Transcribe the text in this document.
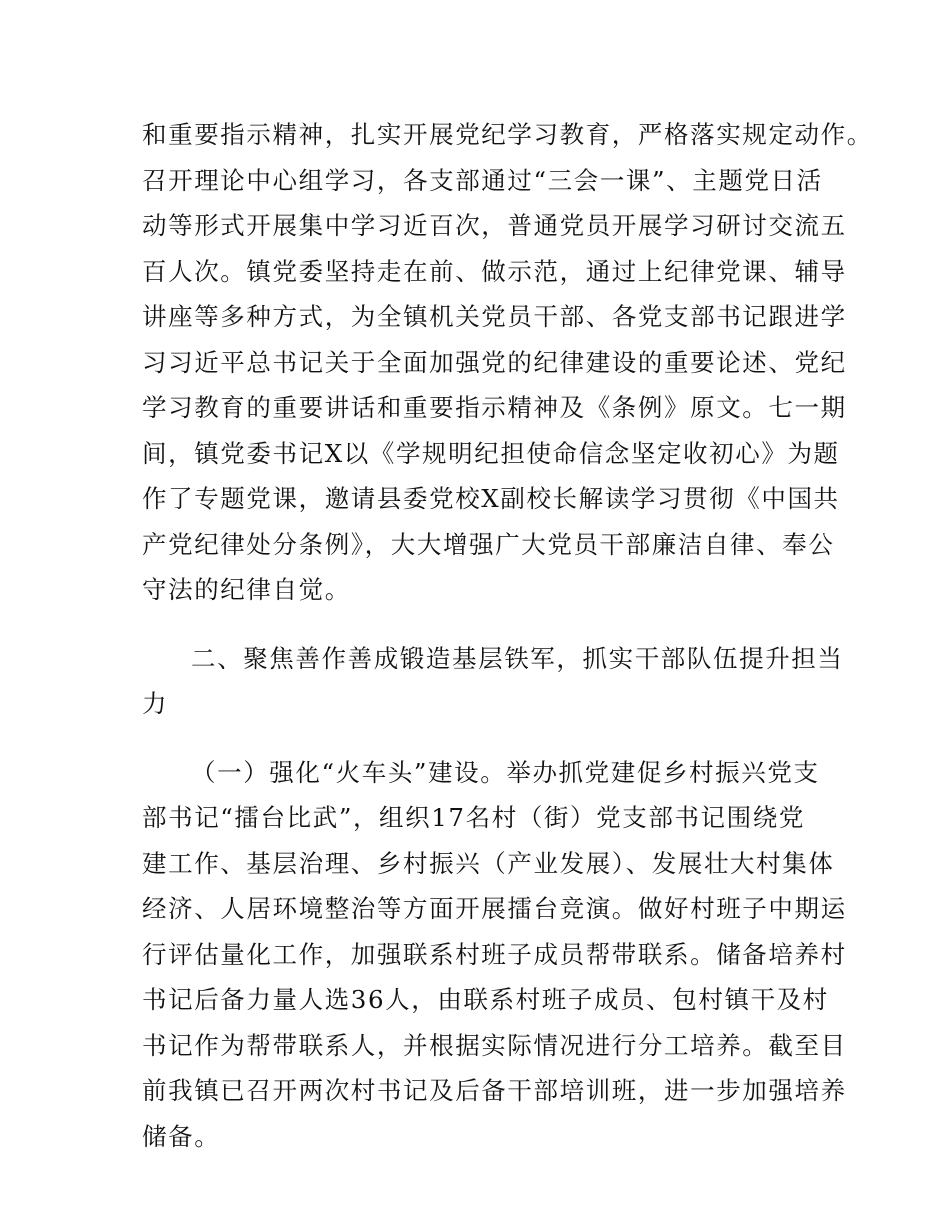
和重要指示精神，扎实开展党纪学习教育，严格落实规定动作。
召开理论中心组学习，各支部通过“三会一课”、主题党日活
动等形式开展集中学习近百次，普通党员开展学习研讨交流五
百人次。镇党委坚持走在前、做示范，通过上纪律党课、辅导
讲座等多种方式，为全镇机关党员干部、各党支部书记跟进学
习习近平总书记关于全面加强党的纪律建设的重要论述、党纪
学习教育的重要讲话和重要指示精神及《条例》原文。七一期
间，镇党委书记X以《学规明纪担使命信念坚定收初心》为题
作了专题党课，邀请县委党校X副校长解读学习贯彻《中国共
产党纪律处分条例》，大大增强广大党员干部廉洁自律、奉公
守法的纪律自觉。
二、聚焦善作善成锻造基层铁军，抓实干部队伍提升担当
力
（一）强化“火车头”建设。举办抓党建促乡村振兴党支
部书记“擂台比武”，组织17名村（街）党支部书记围绕党
建工作、基层治理、乡村振兴（产业发展）、发展壮大村集体
经济、人居环境整治等方面开展擂台竞演。做好村班子中期运
行评估量化工作，加强联系村班子成员帮带联系。储备培养村
书记后备力量人选36人，由联系村班子成员、包村镇干及村
书记作为帮带联系人，并根据实际情况进行分工培养。截至目
前我镇已召开两次村书记及后备干部培训班，进一步加强培养
储备。
